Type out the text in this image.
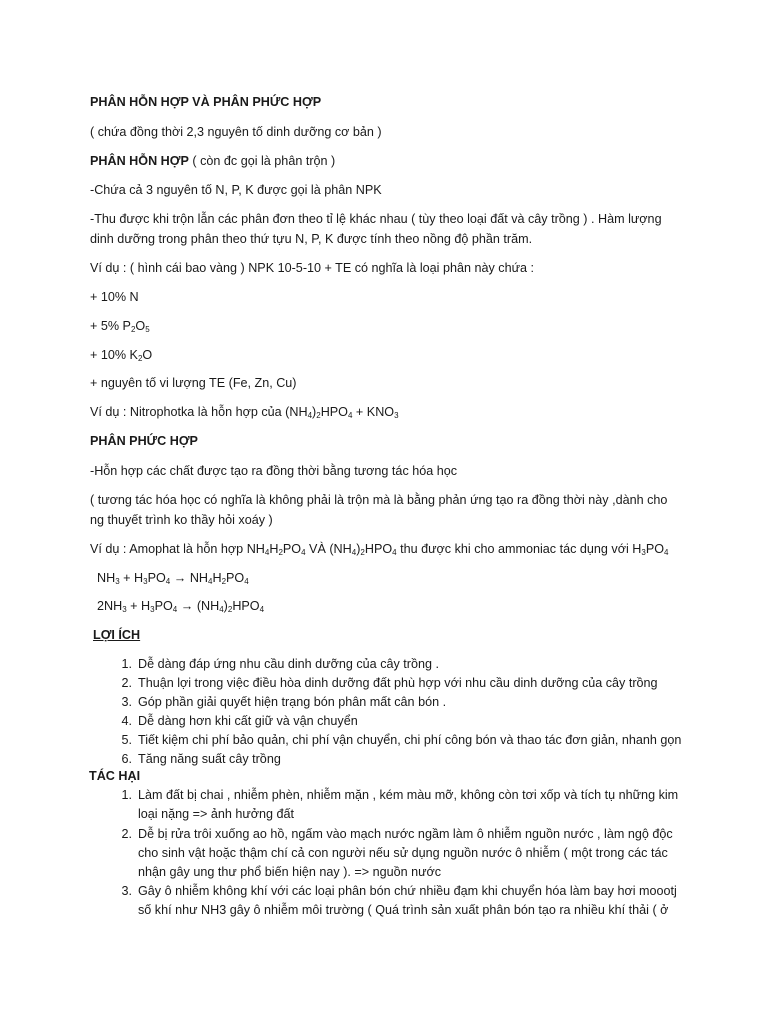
PHÂN HỖN HỢP VÀ PHÂN PHỨC HỢP
( chứa đồng thời 2,3 nguyên tố dinh dưỡng cơ bản )
PHÂN HỖN HỢP ( còn đc gọi là phân trộn )
-Chứa cả 3 nguyên tố N, P, K được gọi là phân NPK
-Thu được khi trộn lẫn các phân đơn theo tỉ lệ khác nhau ( tùy theo loại đất và cây trồng ) . Hàm lượng
dinh dưỡng trong phân theo thứ tựu N, P, K được tính theo nồng độ phần trăm.
Ví dụ : ( hình cái bao vàng ) NPK 10-5-10 + TE có nghĩa là loại phân này chứa :
+ 10% N
+ 5% $P_2O_5$
+ 10% $K_2O$
+ nguyên tố vi lượng TE (Fe, Zn, Cu)
Ví dụ : Nitrophotka là hỗn hợp của $(NH_4)_2HPO_4 + KNO_3$
PHÂN PHỨC HỢP
-Hỗn hợp các chất được tạo ra đồng thời bằng tương tác hóa học
( tương tác hóa học có nghĩa là không phải là trộn mà là bằng phản ứng tạo ra đồng thời này ,dành cho
ng thuyết trình ko thầy hỏi xoáy )
Ví dụ : Amophat là hỗn hợp $NH_4H_2PO_4$ VÀ $(NH_4)_2HPO_4$ thu được khi cho ammoniac tác dụng với $H_3PO_4$
$NH_3 + H_3PO_4 \to NH_4H_2PO_4$
$2NH_3 + H_3PO_4 \to (NH_4)_2HPO_4$
LỢI ÍCH
1. Dễ dàng đáp ứng nhu cầu dinh dưỡng của cây trồng .
2. Thuận lợi trong việc điều hòa dinh dưỡng đất phù hợp với nhu cầu dinh dưỡng của cây trồng
3. Góp phần giải quyết hiện trạng bón phân mất cân bón .
4. Dễ dàng hơn khi cất giữ và vận chuyển
5. Tiết kiệm chi phí bảo quản, chi phí vận chuyển, chi phí công bón và thao tác đơn giản, nhanh gọn
6. Tăng năng suất cây trồng
TÁC HẠI
1. Làm đất bị chai , nhiễm phèn, nhiễm mặn , kém màu mỡ, không còn tơi xốp và tích tụ những kim
loại nặng => ảnh hưởng đất
2. Dễ bị rửa trôi xuống ao hồ, ngấm vào mạch nước ngầm làm ô nhiễm nguồn nước , làm ngộ độc
cho sinh vật hoặc thậm chí cả con người nếu sử dụng nguồn nước ô nhiễm ( một trong các tác
nhận gây ung thư phổ biến hiện nay ). => nguồn nước
3. Gây ô nhiễm không khí với các loại phân bón chứ nhiều đạm khi chuyển hóa làm bay hơi moootj
số khí như NH3 gây ô nhiễm môi trường ( Quá trình sản xuất phân bón tạo ra nhiều khí thải ( ở
